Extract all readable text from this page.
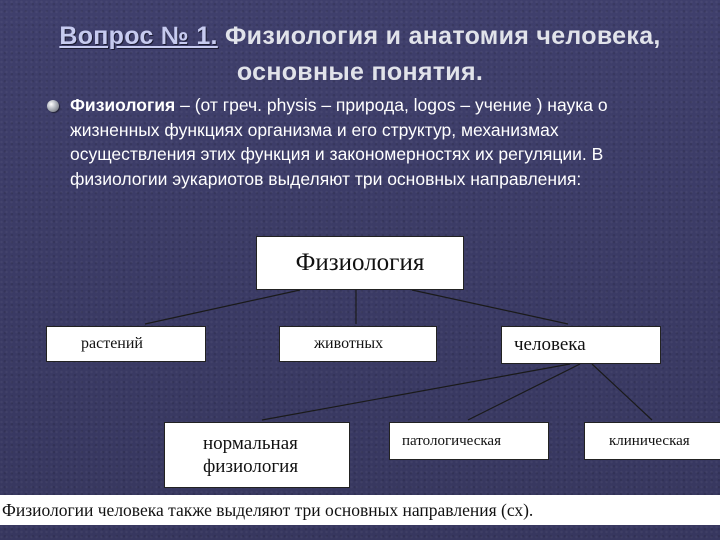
Вопрос № 1. Физиология и анатомия человека, основные понятия.
Физиология – (от греч. physis – природа, logos – учение ) наука о жизненных функциях организма и его структур, механизмах осуществления этих функция и закономерностях их регуляции. В физиологии эукариотов выделяют три основных направления:
Физиология
растений	животных	человека
нормальная физиология
патологическая	клиническая
Физиологии человека также выделяют три основных направления (сх).
